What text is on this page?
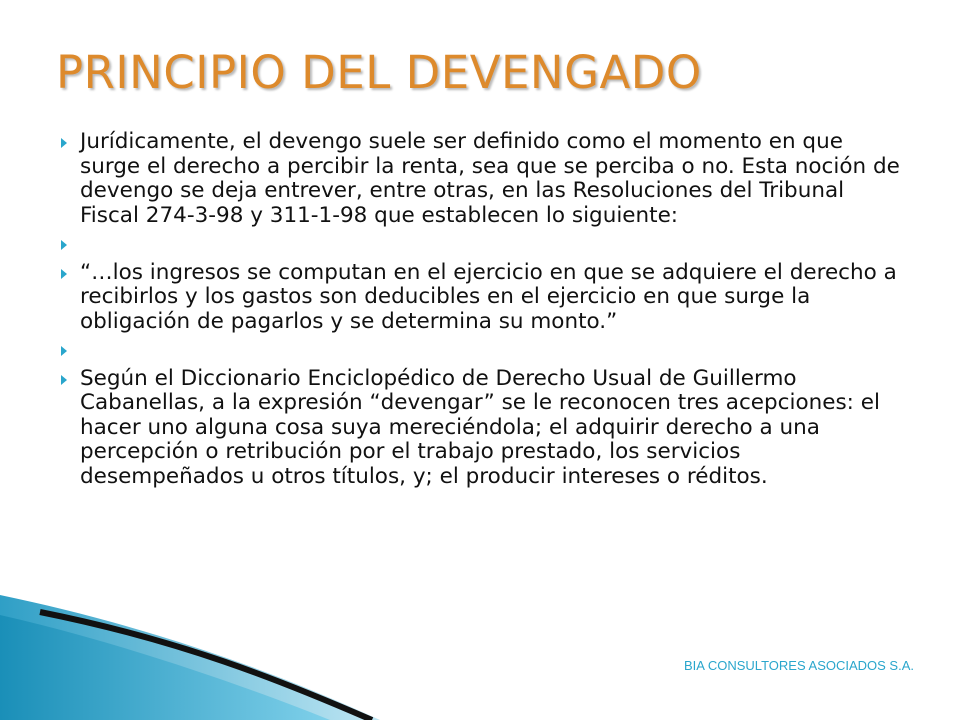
PRINCIPIO DEL DEVENGADO
Jurídicamente, el devengo suele ser definido como el momento en que surge el derecho a percibir la renta, sea que se perciba o no. Esta noción de devengo se deja entrever, entre otras, en las Resoluciones del Tribunal Fiscal 274-3-98 y 311-1-98 que establecen lo siguiente:
“…los ingresos se computan en el ejercicio en que se adquiere el derecho a recibirlos y los gastos son deducibles en el ejercicio en que surge la obligación de pagarlos y se determina su monto.”
Según el Diccionario Enciclopédico de Derecho Usual de Guillermo Cabanellas, a la expresión “devengar” se le reconocen tres acepciones: el hacer uno alguna cosa suya mereciéndola; el adquirir derecho a una percepción o retribución por el trabajo prestado, los servicios desempeñados u otros títulos, y; el producir intereses o réditos.
BIA CONSULTORES ASOCIADOS S.A.
